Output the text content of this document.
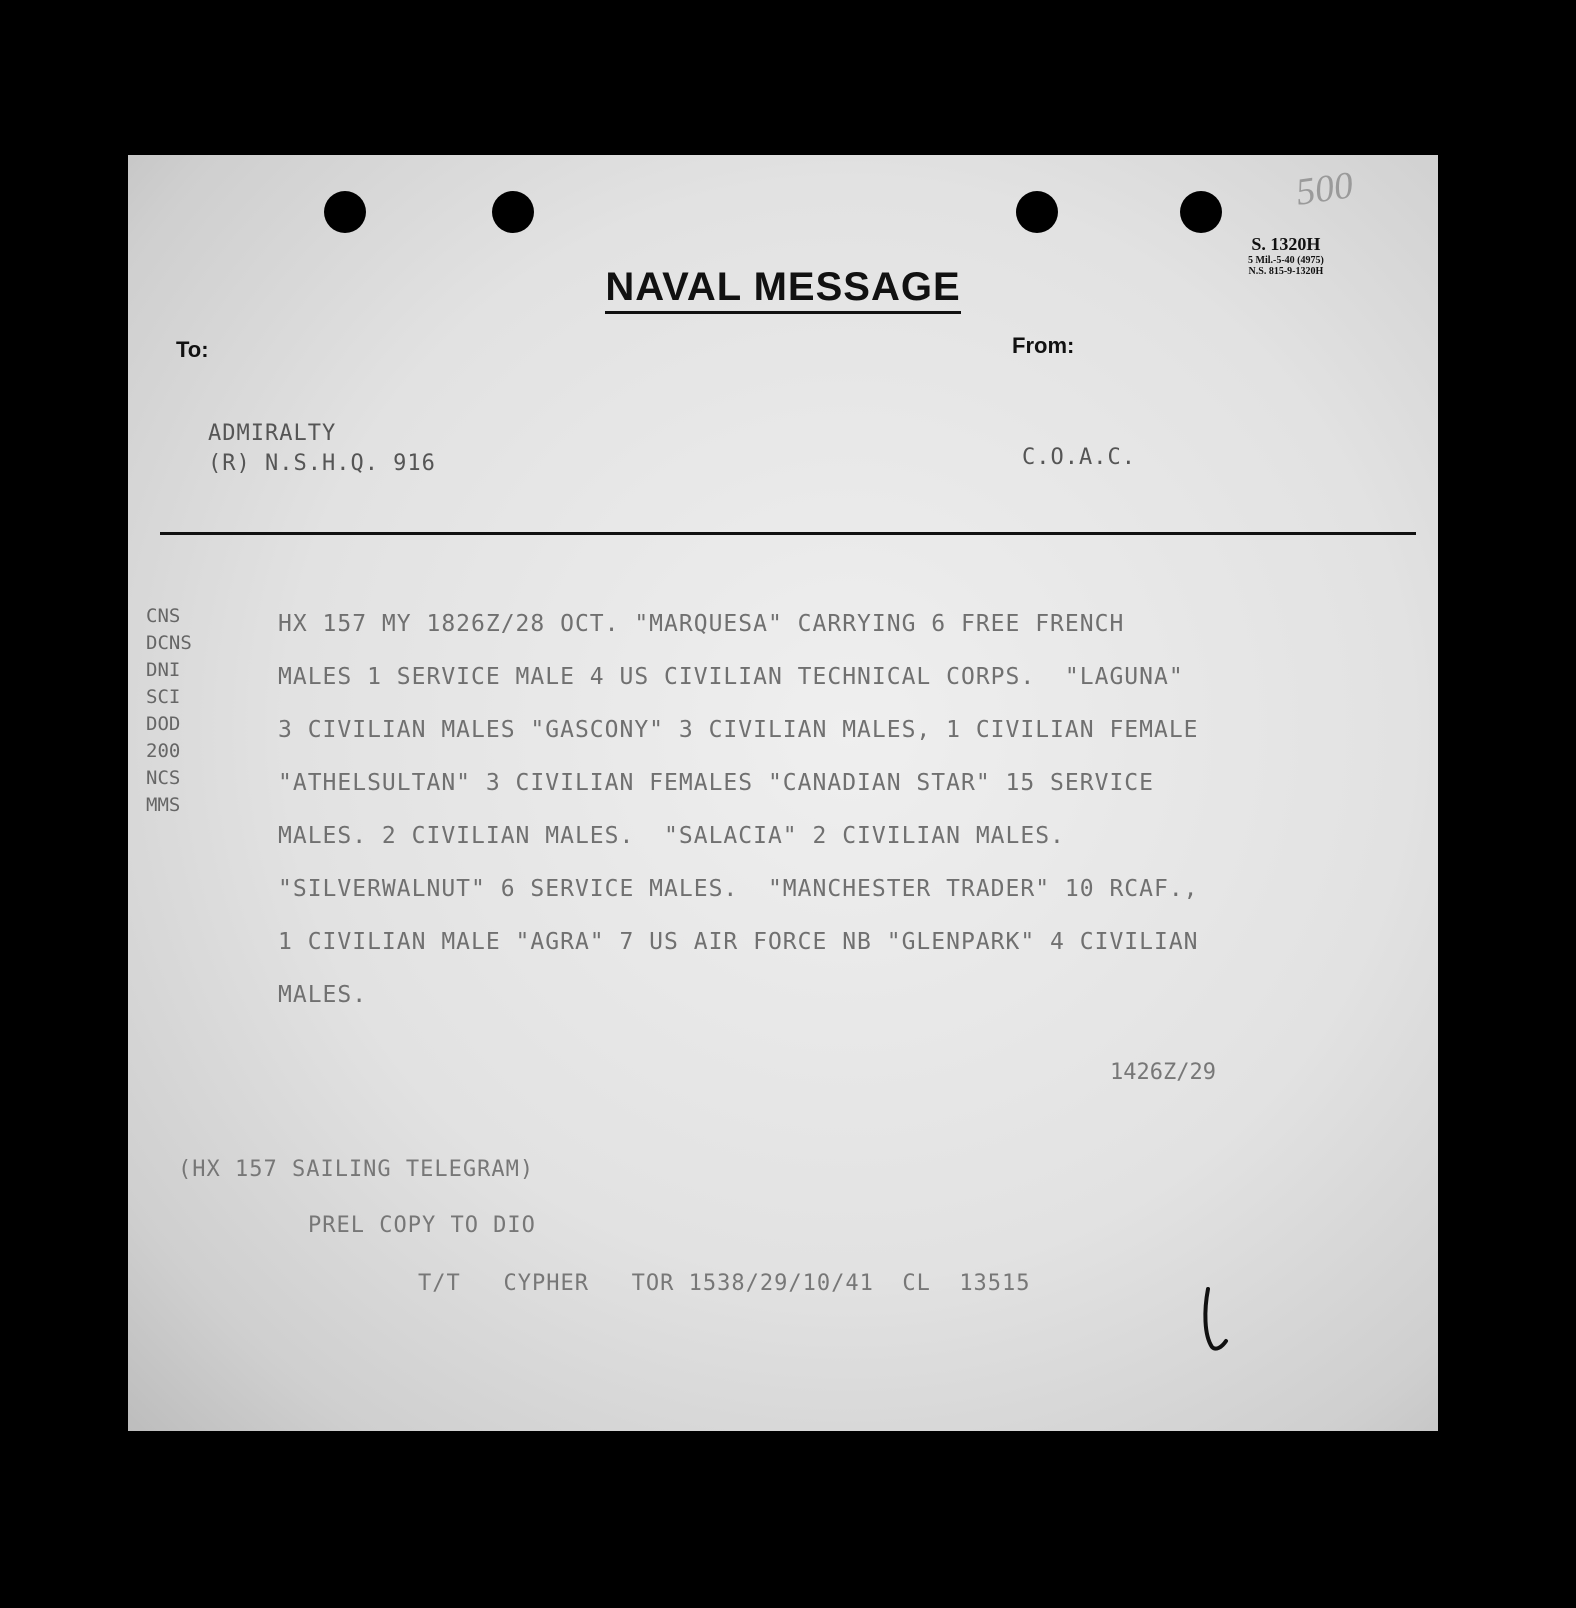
500
S. 1320H
5 Mil.-5-40 (4975)
N.S. 815-9-1320H
NAVAL MESSAGE
To:	From:
ADMIRALTY
(R) N.S.H.Q. 916	C.O.A.C.
CNS
DCNS
DNI
SCI
DOD
200
NCS
MMS
HX 157 MY 1826Z/28 OCT. "MARQUESA" CARRYING 6 FREE FRENCH
MALES 1 SERVICE MALE 4 US CIVILIAN TECHNICAL CORPS.  "LAGUNA"
3 CIVILIAN MALES "GASCONY" 3 CIVILIAN MALES, 1 CIVILIAN FEMALE
"ATHELSULTAN" 3 CIVILIAN FEMALES "CANADIAN STAR" 15 SERVICE
MALES. 2 CIVILIAN MALES.  "SALACIA" 2 CIVILIAN MALES.
"SILVERWALNUT" 6 SERVICE MALES.  "MANCHESTER TRADER" 10 RCAF.,
1 CIVILIAN MALE "AGRA" 7 US AIR FORCE NB "GLENPARK" 4 CIVILIAN
MALES.
1426Z/29
(HX 157 SAILING TELEGRAM)
PREL COPY TO DIO
T/T   CYPHER   TOR 1538/29/10/41  CL  13515
